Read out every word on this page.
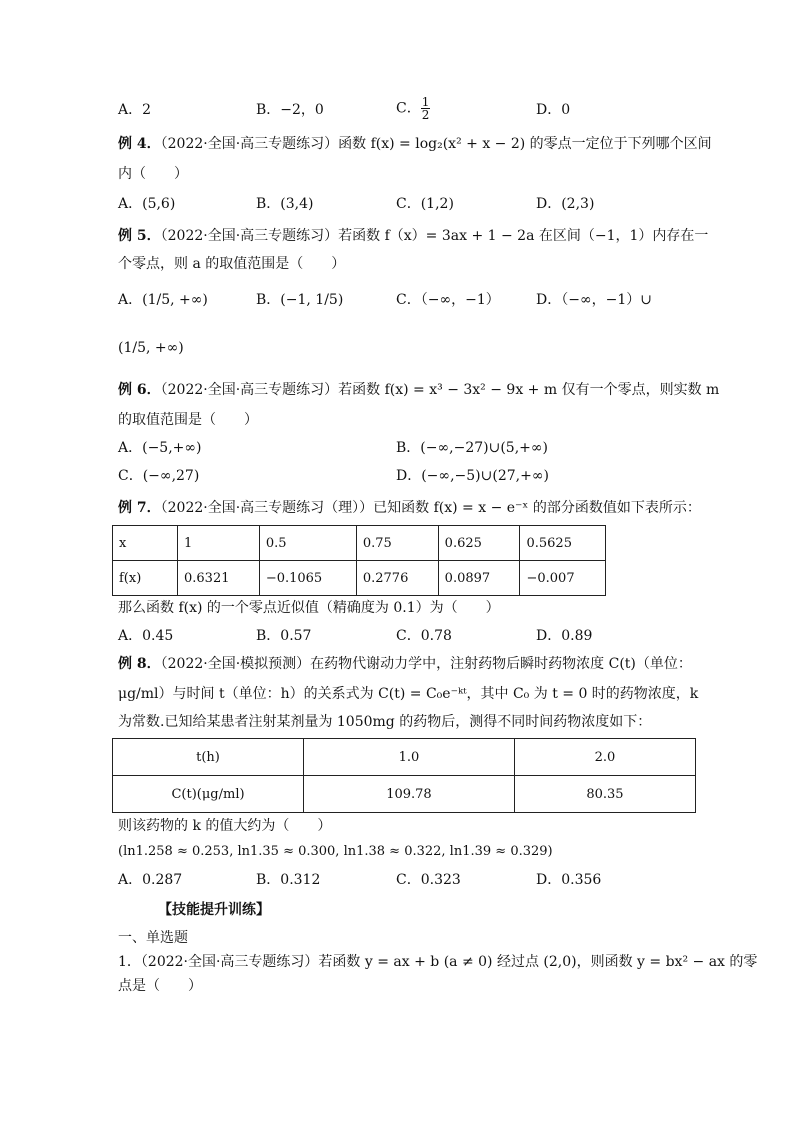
A．2	B．−2，0	C． $\frac{1}{2}$	D．0
例 4．（2022·全国·高三专题练习）函数 f(x) = log₂(x² + x − 2) 的零点一定位于下列哪个区间
内（　　）
A．(5,6)	B．(3,4)	C．(1,2)	D．(2,3)
例 5．（2022·全国·高三专题练习）若函数 f（x）= 3ax + 1 − 2a 在区间（−1，1）内存在一
个零点，则 a 的取值范围是（　　）
A．(1/5, +∞)	B．(−1, 1/5)	C．（−∞，−1）	D．（−∞，−1）∪
(1/5, +∞)
例 6．（2022·全国·高三专题练习）若函数 f(x) = x³ − 3x² − 9x + m 仅有一个零点，则实数 m
的取值范围是（　　）
A．(−5,+∞)	B．(−∞,−27)∪(5,+∞)
C．(−∞,27)	D．(−∞,−5)∪(27,+∞)
例 7．（2022·全国·高三专题练习（理））已知函数 f(x) = x − e⁻ˣ 的部分函数值如下表所示：
x	1	0.5	0.75	0.625	0.5625
f(x)	0.6321	−0.1065	0.2776	0.0897	−0.007
那么函数 f(x) 的一个零点近似值（精确度为 0.1）为（　　）
A．0.45	B．0.57	C．0.78	D．0.89
例 8．（2022·全国·模拟预测）在药物代谢动力学中，注射药物后瞬时药物浓度 C(t)（单位：
μg/ml）与时间 t（单位：h）的关系式为 C(t) = C₀e⁻ᵏᵗ，其中 C₀ 为 t = 0 时的药物浓度，k
为常数.已知给某患者注射某剂量为 1050mg 的药物后，测得不同时间药物浓度如下：
t(h)	1.0	2.0
C(t)(μg/ml)	109.78	80.35
则该药物的 k 的值大约为（　　）
(ln1.258 ≈ 0.253, ln1.35 ≈ 0.300, ln1.38 ≈ 0.322, ln1.39 ≈ 0.329)
A．0.287	B．0.312	C．0.323	D．0.356
【技能提升训练】
一、单选题
1．（2022·全国·高三专题练习）若函数 y = ax + b (a ≠ 0) 经过点 (2,0)，则函数 y = bx² − ax 的零
点是（　　）
